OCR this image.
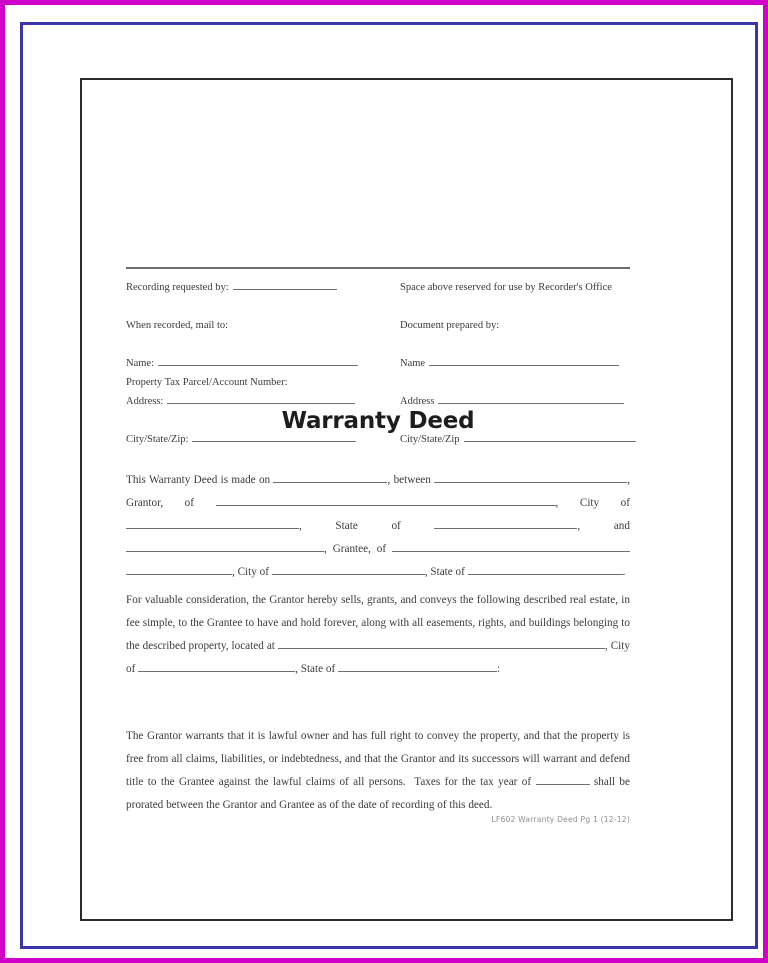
Recording requested by:	Space above reserved for use by Recorder's Office
When recorded, mail to:	Document prepared by:
Name:	Name
Address:	Address
City/State/Zip:	City/State/Zip
Property Tax Parcel/Account Number:
Warranty Deed
This Warranty Deed is made on	, between	, Grantor, of	, City of , State of	, and , Grantee, of , City of	, State of	.
For valuable consideration, the Grantor hereby sells, grants, and conveys the following described real estate, in fee simple, to the Grantee to have and hold forever, along with all easements, rights, and buildings belonging to the described property, located at	, City of	, State of	:
The Grantor warrants that it is lawful owner and has full right to convey the property, and that the property is free from all claims, liabilities, or indebtedness, and that the Grantor and its successors will warrant and defend title to the Grantee against the lawful claims of all persons.  Taxes for the tax year of	shall be prorated between the Grantor and Grantee as of the date of recording of this deed.
LF602 Warranty Deed Pg 1 (12-12)
